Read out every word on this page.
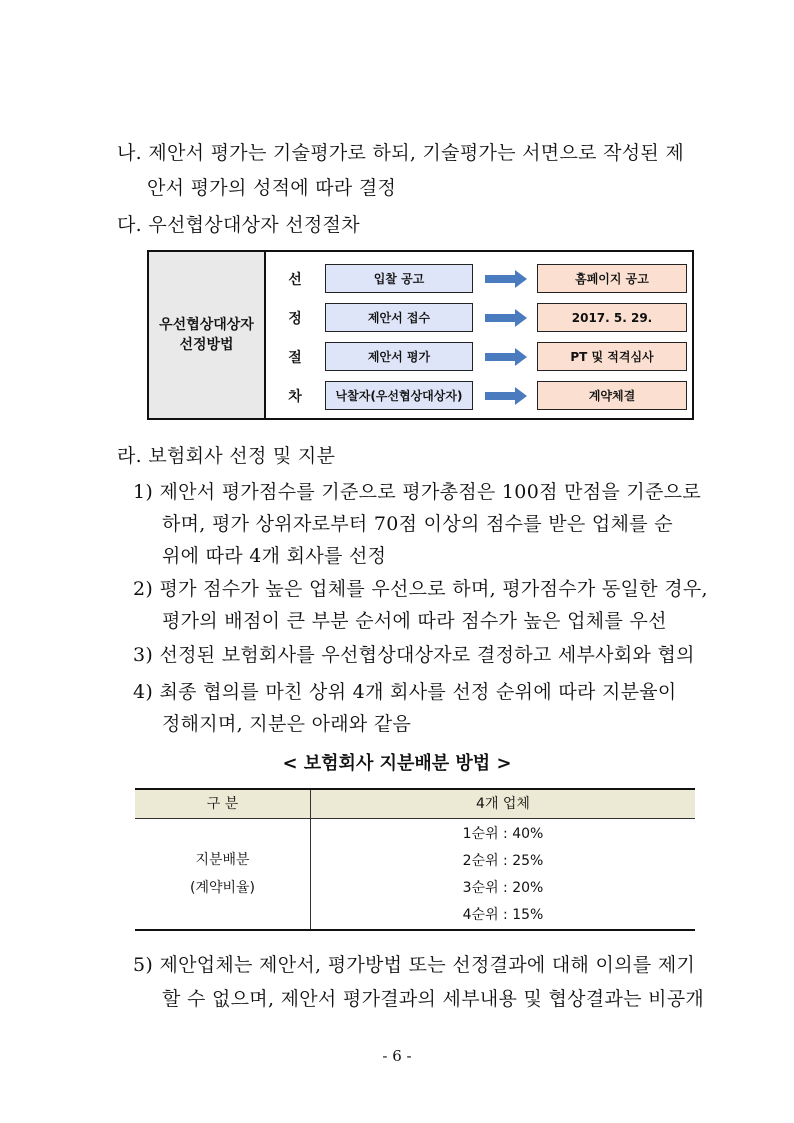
나. 제안서 평가는 기술평가로 하되, 기술평가는 서면으로 작성된 제
안서 평가의 성적에 따라 결정
다. 우선협상대상자 선정절차
우선협상대상자
선정방법
선
정
절
차
입찰 공고
제안서 접수
제안서 평가
낙찰자(우선협상대상자)
홈페이지 공고
2017. 5. 29.
PT 및 적격심사
계약체결
라. 보험회사 선정 및 지분
1) 제안서 평가점수를 기준으로 평가총점은 100점 만점을 기준으로
하며, 평가 상위자로부터 70점 이상의 점수를 받은 업체를 순
위에 따라 4개 회사를 선정
2) 평가 점수가 높은 업체를 우선으로 하며, 평가점수가 동일한 경우,
평가의 배점이 큰 부분 순서에 따라 점수가 높은 업체를 우선
3) 선정된 보험회사를 우선협상대상자로 결정하고 세부사회와 협의
4) 최종 협의를 마친 상위 4개 회사를 선정 순위에 따라 지분율이
정해지며, 지분은 아래와 같음
< 보험회사 지분배분 방법 >
구 분	4개 업체
지분배분
(계약비율)
1순위 : 40%
2순위 : 25%
3순위 : 20%
4순위 : 15%
5) 제안업체는 제안서, 평가방법 또는 선정결과에 대해 이의를 제기
할 수 없으며, 제안서 평가결과의 세부내용 및 협상결과는 비공개
- 6 -
